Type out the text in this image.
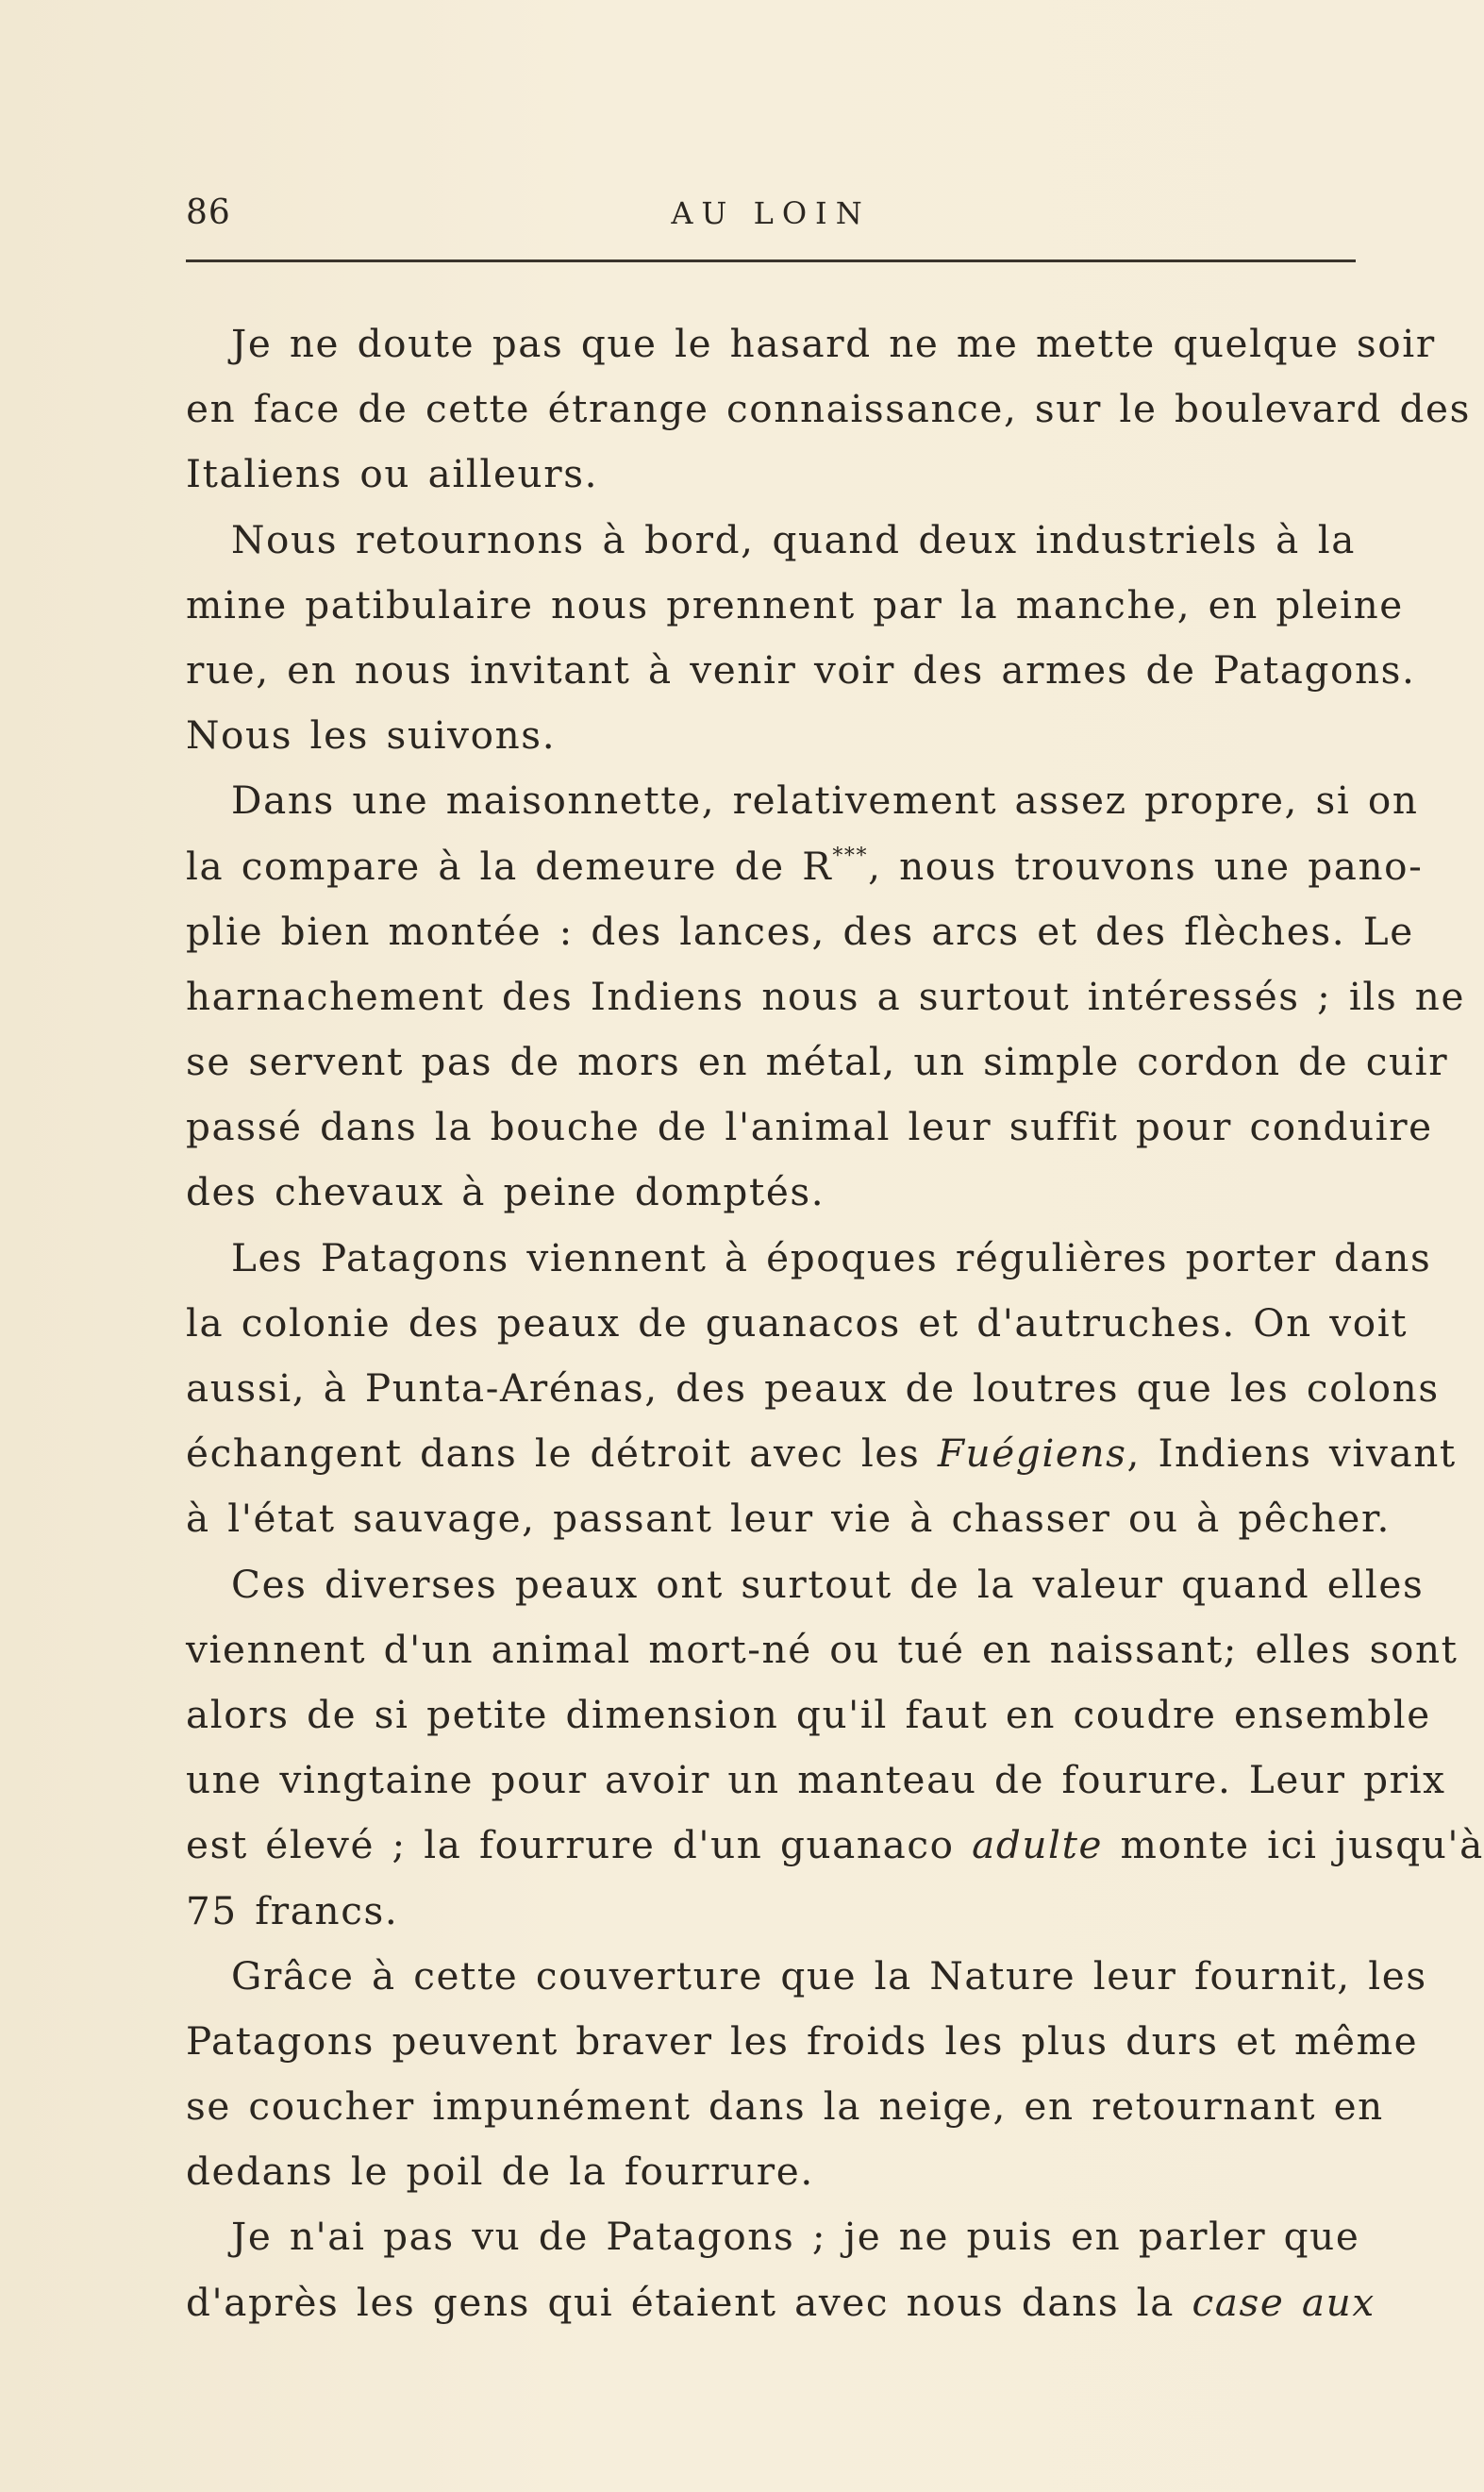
86	AU LOIN
Je ne doute pas que le hasard ne me mette quelque soir
en face de cette étrange connaissance, sur le boulevard des
Italiens ou ailleurs.
Nous retournons à bord, quand deux industriels à la
mine patibulaire nous prennent par la manche, en pleine
rue, en nous invitant à venir voir des armes de Patagons.
Nous les suivons.
Dans une maisonnette, relativement assez propre, si on
la compare à la demeure de R***, nous trouvons une pano-
plie bien montée : des lances, des arcs et des flèches. Le
harnachement des Indiens nous a surtout intéressés ; ils ne
se servent pas de mors en métal, un simple cordon de cuir
passé dans la bouche de l'animal leur suffit pour conduire
des chevaux à peine domptés.
Les Patagons viennent à époques régulières porter dans
la colonie des peaux de guanacos et d'autruches. On voit
aussi, à Punta-Arénas, des peaux de loutres que les colons
échangent dans le détroit avec les Fuégiens, Indiens vivant
à l'état sauvage, passant leur vie à chasser ou à pêcher.
Ces diverses peaux ont surtout de la valeur quand elles
viennent d'un animal mort-né ou tué en naissant; elles sont
alors de si petite dimension qu'il faut en coudre ensemble
une vingtaine pour avoir un manteau de fourure. Leur prix
est élevé ; la fourrure d'un guanaco adulte monte ici jusqu'à
75 francs.
Grâce à cette couverture que la Nature leur fournit, les
Patagons peuvent braver les froids les plus durs et même
se coucher impunément dans la neige, en retournant en
dedans le poil de la fourrure.
Je n'ai pas vu de Patagons ; je ne puis en parler que
d'après les gens qui étaient avec nous dans la case aux
